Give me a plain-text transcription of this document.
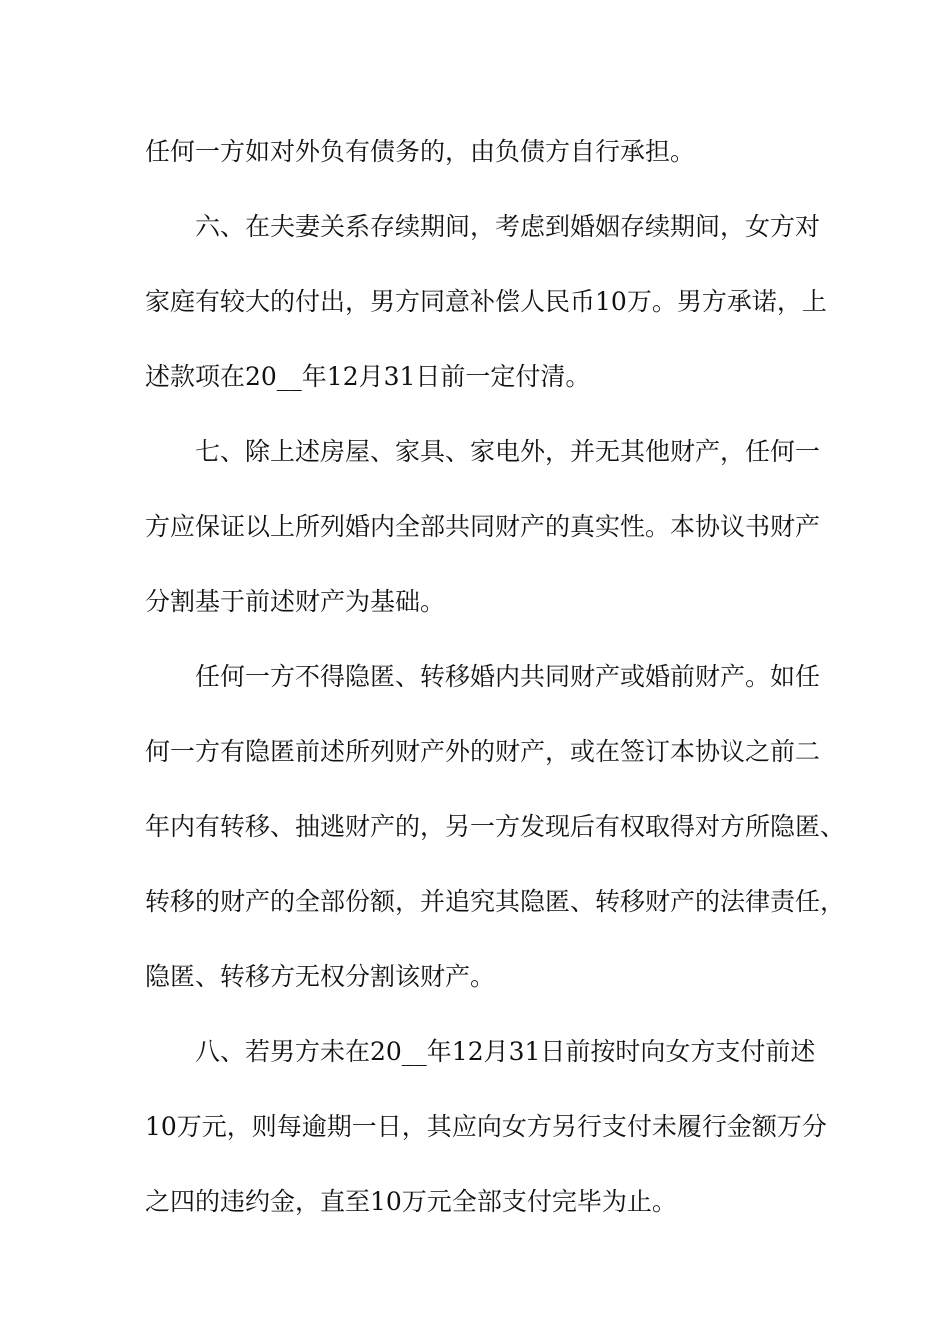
任何一方如对外负有债务的，由负债方自行承担。
六、在夫妻关系存续期间，考虑到婚姻存续期间，女方对
家庭有较大的付出，男方同意补偿人民币10万。男方承诺，上
述款项在20__年12月31日前一定付清。
七、除上述房屋、家具、家电外，并无其他财产，任何一
方应保证以上所列婚内全部共同财产的真实性。本协议书财产
分割基于前述财产为基础。
任何一方不得隐匿、转移婚内共同财产或婚前财产。如任
何一方有隐匿前述所列财产外的财产，或在签订本协议之前二
年内有转移、抽逃财产的，另一方发现后有权取得对方所隐匿、
转移的财产的全部份额，并追究其隐匿、转移财产的法律责任，
隐匿、转移方无权分割该财产。
八、若男方未在20__年12月31日前按时向女方支付前述
10万元，则每逾期一日，其应向女方另行支付未履行金额万分
之四的违约金，直至10万元全部支付完毕为止。
